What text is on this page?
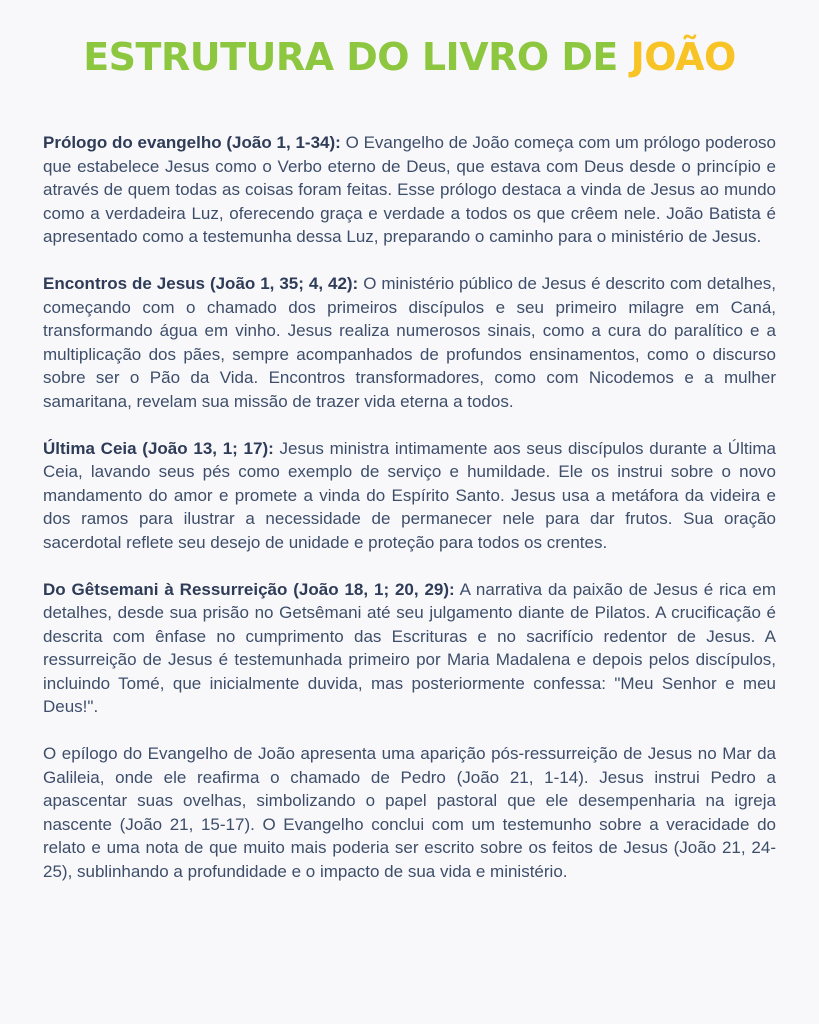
ESTRUTURA DO LIVRO DE JOÃO

Prólogo do evangelho (João 1, 1-34): O Evangelho de João começa com um prólogo poderoso que estabelece Jesus como o Verbo eterno de Deus, que estava com Deus desde o princípio e através de quem todas as coisas foram feitas. Esse prólogo destaca a vinda de Jesus ao mundo como a verdadeira Luz, oferecendo graça e verdade a todos os que crêem nele. João Batista é apresentado como a testemunha dessa Luz, preparando o caminho para o ministério de Jesus.

Encontros de Jesus (João 1, 35; 4, 42): O ministério público de Jesus é descrito com detalhes, começando com o chamado dos primeiros discípulos e seu primeiro milagre em Caná, transformando água em vinho. Jesus realiza numerosos sinais, como a cura do paralítico e a multiplicação dos pães, sempre acompanhados de profundos ensinamentos, como o discurso sobre ser o Pão da Vida. Encontros transformadores, como com Nicodemos e a mulher samaritana, revelam sua missão de trazer vida eterna a todos.

Última Ceia (João 13, 1; 17): Jesus ministra intimamente aos seus discípulos durante a Última Ceia, lavando seus pés como exemplo de serviço e humildade. Ele os instrui sobre o novo mandamento do amor e promete a vinda do Espírito Santo. Jesus usa a metáfora da videira e dos ramos para ilustrar a necessidade de permanecer nele para dar frutos. Sua oração sacerdotal reflete seu desejo de unidade e proteção para todos os crentes.

Do Gêtsemani à Ressurreição (João 18, 1; 20, 29): A narrativa da paixão de Jesus é rica em detalhes, desde sua prisão no Getsêmani até seu julgamento diante de Pilatos. A crucificação é descrita com ênfase no cumprimento das Escrituras e no sacrifício redentor de Jesus. A ressurreição de Jesus é testemunhada primeiro por Maria Madalena e depois pelos discípulos, incluindo Tomé, que inicialmente duvida, mas posteriormente confessa: "Meu Senhor e meu Deus!".

O epílogo do Evangelho de João apresenta uma aparição pós-ressurreição de Jesus no Mar da Galileia, onde ele reafirma o chamado de Pedro (João 21, 1-14). Jesus instrui Pedro a apascentar suas ovelhas, simbolizando o papel pastoral que ele desempenharia na igreja nascente (João 21, 15-17). O Evangelho conclui com um testemunho sobre a veracidade do relato e uma nota de que muito mais poderia ser escrito sobre os feitos de Jesus (João 21, 24-25), sublinhando a profundidade e o impacto de sua vida e ministério.
